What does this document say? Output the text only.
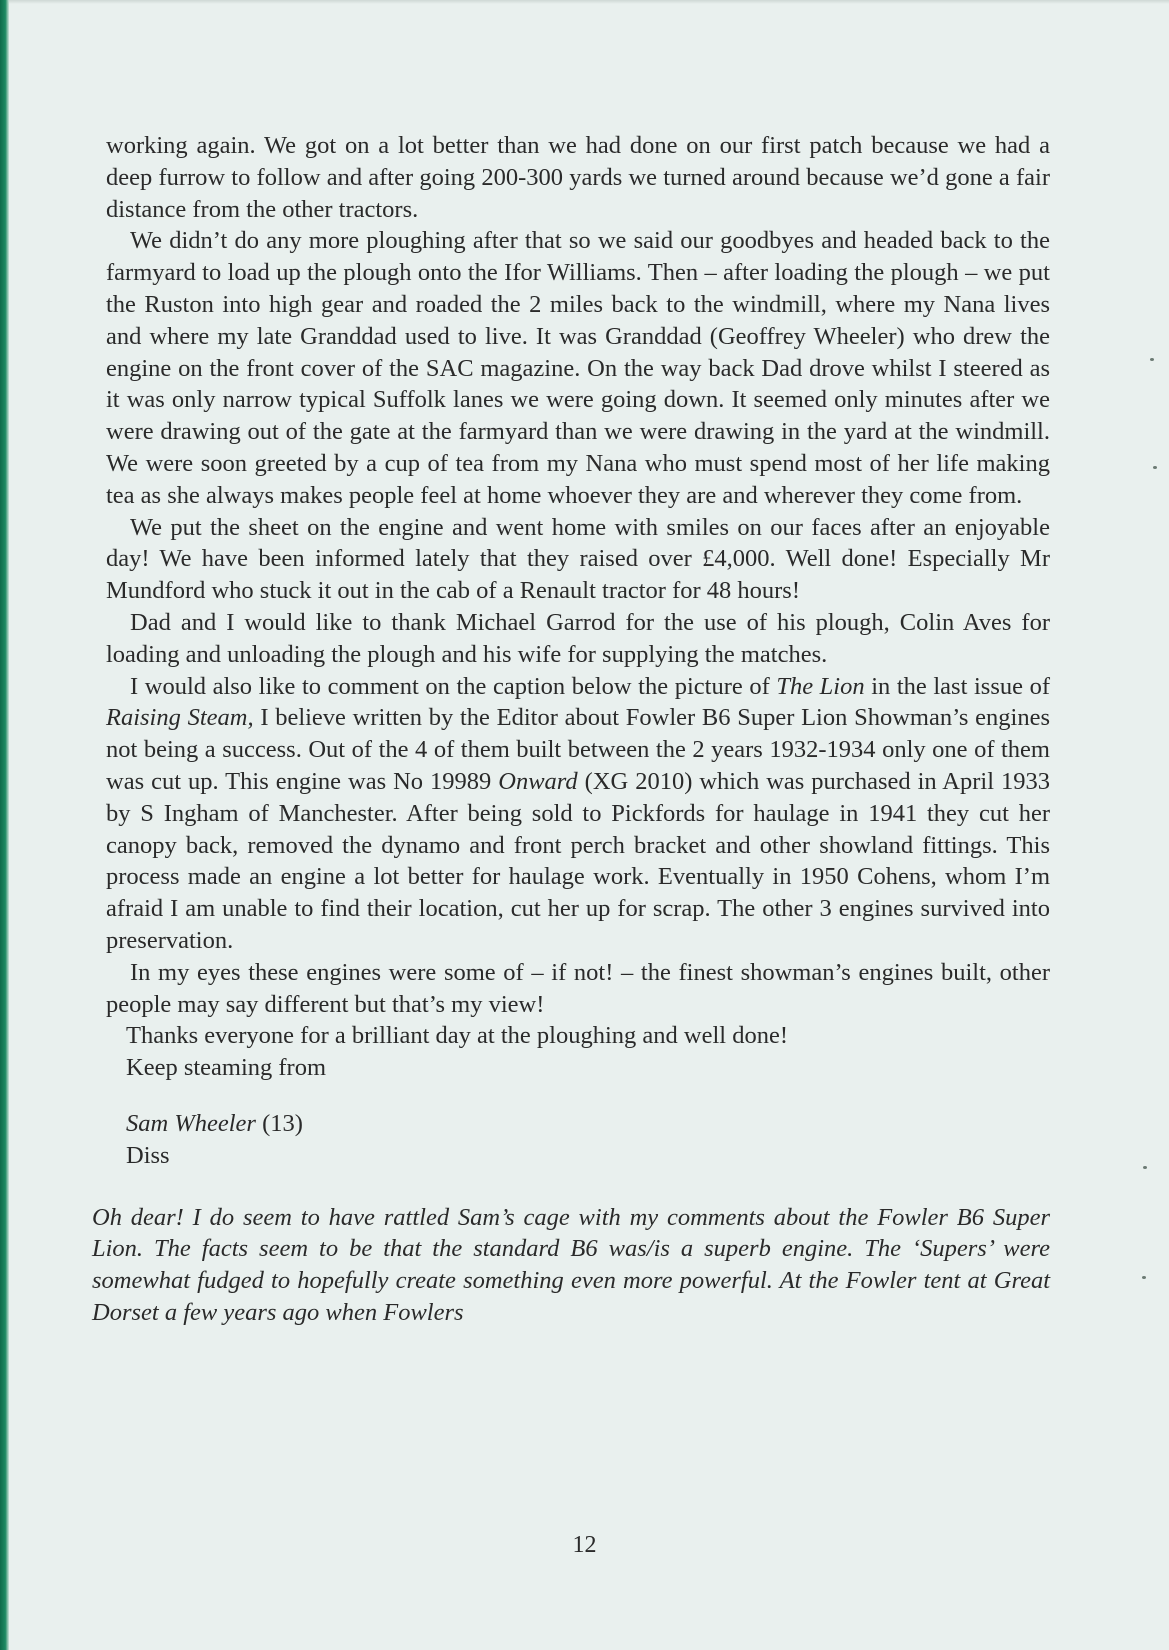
working again. We got on a lot better than we had done on our first patch because we had a deep furrow to follow and after going 200-300 yards we turned around because we’d gone a fair distance from the other tractors.

We didn’t do any more ploughing after that so we said our goodbyes and headed back to the farmyard to load up the plough onto the Ifor Williams. Then – after loading the plough – we put the Ruston into high gear and roaded the 2 miles back to the windmill, where my Nana lives and where my late Granddad used to live. It was Granddad (Geoffrey Wheeler) who drew the engine on the front cover of the SAC magazine. On the way back Dad drove whilst I steered as it was only narrow typical Suffolk lanes we were going down. It seemed only minutes after we were drawing out of the gate at the farmyard than we were drawing in the yard at the windmill. We were soon greeted by a cup of tea from my Nana who must spend most of her life making tea as she always makes people feel at home whoever they are and wherever they come from.

We put the sheet on the engine and went home with smiles on our faces after an enjoyable day! We have been informed lately that they raised over £4,000. Well done! Especially Mr Mundford who stuck it out in the cab of a Renault tractor for 48 hours!

Dad and I would like to thank Michael Garrod for the use of his plough, Colin Aves for loading and unloading the plough and his wife for supplying the matches.

I would also like to comment on the caption below the picture of The Lion in the last issue of Raising Steam, I believe written by the Editor about Fowler B6 Super Lion Showman’s engines not being a success. Out of the 4 of them built between the 2 years 1932-1934 only one of them was cut up. This engine was No 19989 Onward (XG 2010) which was purchased in April 1933 by S Ingham of Manchester. After being sold to Pickfords for haulage in 1941 they cut her canopy back, removed the dynamo and front perch bracket and other showland fittings. This process made an engine a lot better for haulage work. Eventually in 1950 Cohens, whom I’m afraid I am unable to find their location, cut her up for scrap. The other 3 engines survived into preservation.

In my eyes these engines were some of – if not! – the finest showman’s engines built, other people may say different but that’s my view!

Thanks everyone for a brilliant day at the ploughing and well done!

Keep steaming from

Sam Wheeler (13)
Diss

Oh dear! I do seem to have rattled Sam’s cage with my comments about the Fowler B6 Super Lion. The facts seem to be that the standard B6 was/is a superb engine. The ‘Supers’ were somewhat fudged to hopefully create something even more powerful. At the Fowler tent at Great Dorset a few years ago when Fowlers

12
